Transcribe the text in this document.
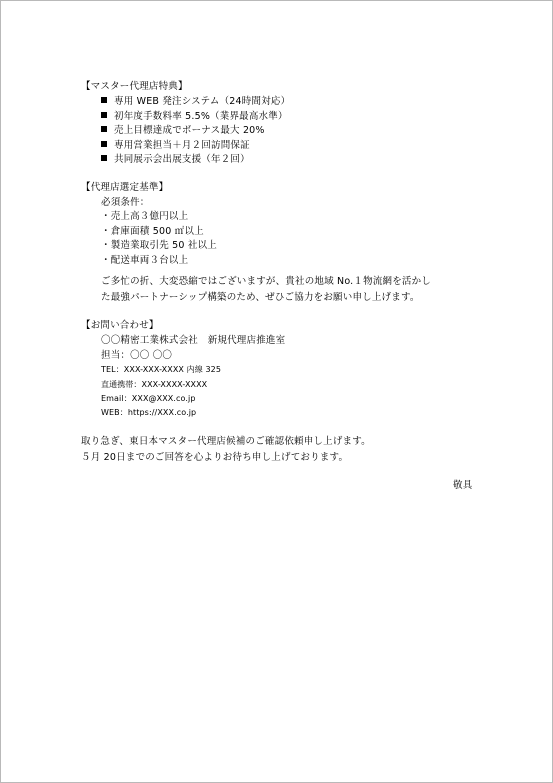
【マスター代理店特典】
専用 WEB 発注システム（24時間対応）
初年度手数料率 5.5%（業界最高水準）
売上目標達成でボーナス最大 20%
専用営業担当＋月２回訪問保証
共同展示会出展支援（年２回）
【代理店選定基準】
必須条件：
・売上高３億円以上
・倉庫面積 500 ㎡以上
・製造業取引先 50 社以上
・配送車両３台以上
ご多忙の折、大変恐縮ではございますが、貴社の地域 No.１物流網を活かし
た最強パートナーシップ構築のため、ぜひご協力をお願い申し上げます。
【お問い合わせ】
〇〇精密工業株式会社　新規代理店推進室
担当：〇〇 〇〇
TEL：XXX-XXX-XXXX 内線 325
直通携帯：XXX-XXXX-XXXX
Email：XXX@XXX.co.jp
WEB：https://XXX.co.jp
取り急ぎ、東日本マスター代理店候補のご確認依頼申し上げます。
５月 20日までのご回答を心よりお待ち申し上げております。
敬具
